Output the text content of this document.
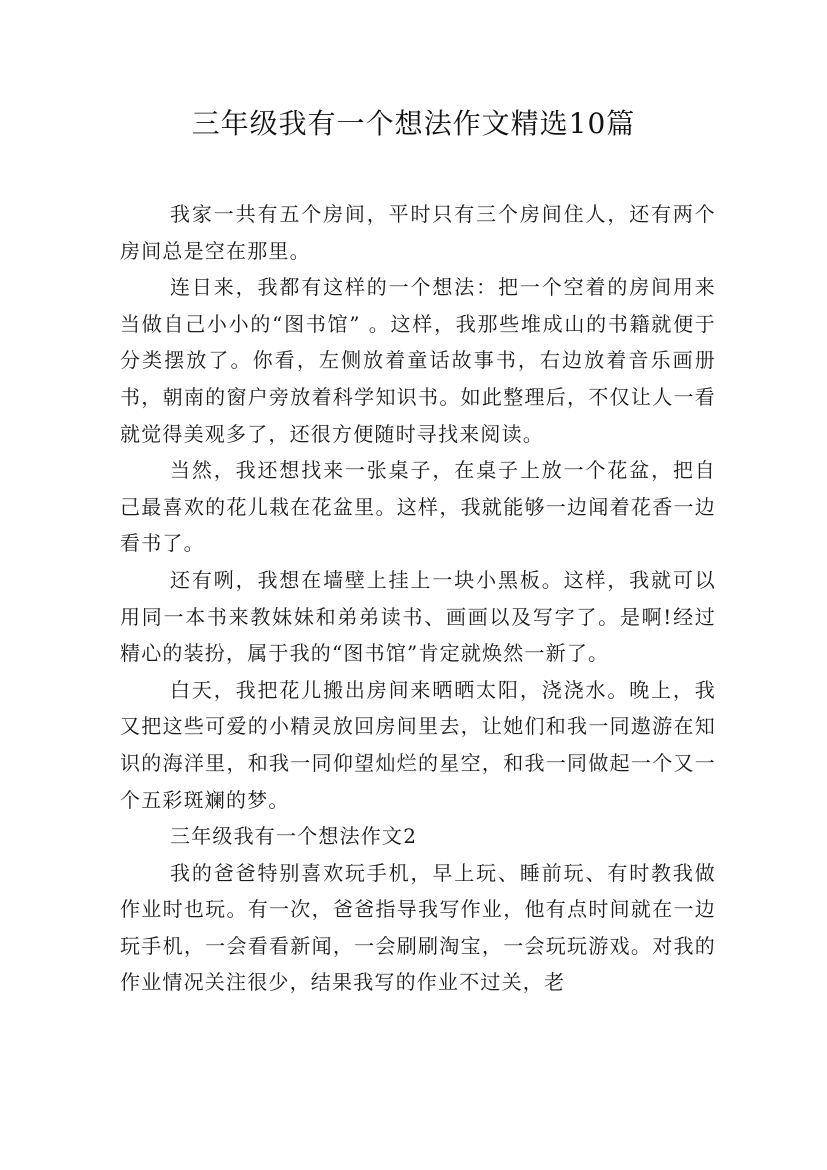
三年级我有一个想法作文精选10篇

我家一共有五个房间，平时只有三个房间住人，还有两个房间总是空在那里。

连日来，我都有这样的一个想法：把一个空着的房间用来当做自己小小的“图书馆” 。这样，我那些堆成山的书籍就便于分类摆放了。你看，左侧放着童话故事书，右边放着音乐画册书，朝南的窗户旁放着科学知识书。如此整理后，不仅让人一看就觉得美观多了，还很方便随时寻找来阅读。

当然，我还想找来一张桌子，在桌子上放一个花盆，把自己最喜欢的花儿栽在花盆里。这样，我就能够一边闻着花香一边看书了。

还有咧，我想在墙壁上挂上一块小黑板。这样，我就可以用同一本书来教妹妹和弟弟读书、画画以及写字了。是啊!经过精心的装扮，属于我的“图书馆”肯定就焕然一新了。

白天，我把花儿搬出房间来晒晒太阳，浇浇水。晚上，我又把这些可爱的小精灵放回房间里去，让她们和我一同遨游在知识的海洋里，和我一同仰望灿烂的星空，和我一同做起一个又一个五彩斑斓的梦。

三年级我有一个想法作文2

我的爸爸特别喜欢玩手机，早上玩、睡前玩、有时教我做作业时也玩。有一次，爸爸指导我写作业，他有点时间就在一边玩手机，一会看看新闻，一会刷刷淘宝，一会玩玩游戏。对我的作业情况关注很少，结果我写的作业不过关，老
